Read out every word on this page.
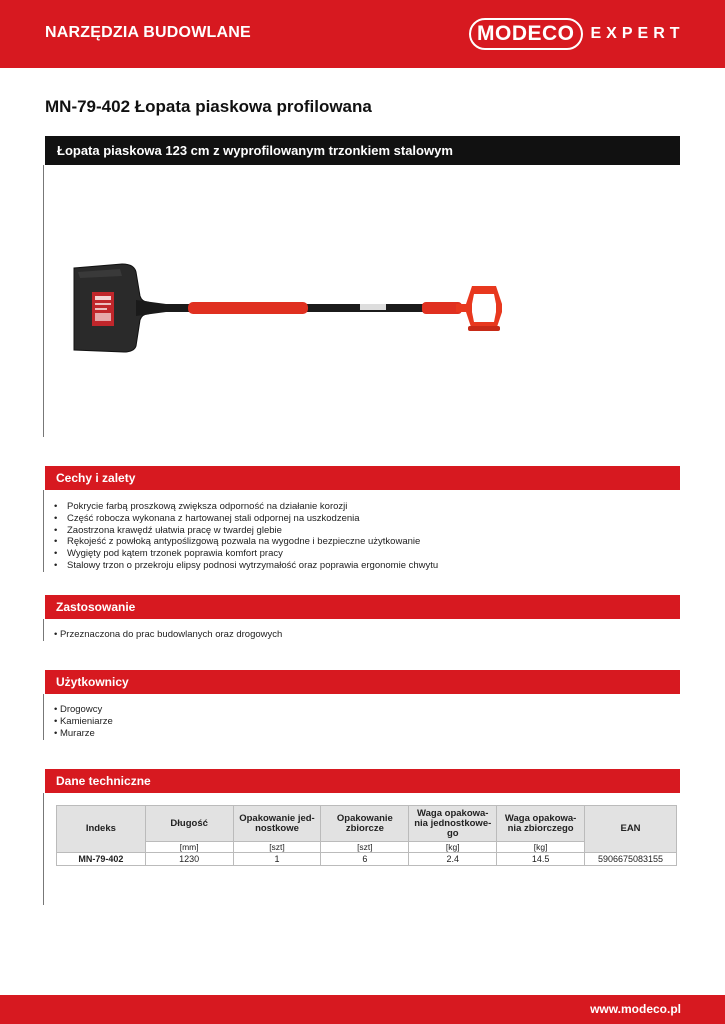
NARZĘDZIA BUDOWLANE	MODECO	EXPERT
MN-79-402 Łopata piaskowa profilowana
Łopata piaskowa 123 cm z wyprofilowanym trzonkiem stalowym
Cechy i zalety
• Pokrycie farbą proszkową zwiększa odporność na działanie korozji
• Część robocza wykonana z hartowanej stali odpornej na uszkodzenia
• Zaostrzona krawędź ułatwia pracę w twardej glebie
• Rękojeść z powłoką antypoślizgową pozwala na wygodne i bezpieczne użytkowanie
• Wygięty pod kątem trzonek poprawia komfort pracy
• Stalowy trzon o przekroju elipsy podnosi wytrzymałość oraz poprawia ergonomie chwytu
Zastosowanie
• Przeznaczona do prac budowlanych oraz drogowych
Użytkownicy
• Drogowcy
• Kamieniarze
• Murarze
Dane techniczne
Indeks	Długość	Opakowanie jed-nostkowe	Opakowanie zbiorcze	Waga opakowa-nia jednostkowe-go	Waga opakowa-nia zbiorczego	EAN
	[mm]	[szt]	[szt]	[kg]	[kg]	
MN-79-402	1230	1	6	2.4	14.5	5906675083155
www.modeco.pl
